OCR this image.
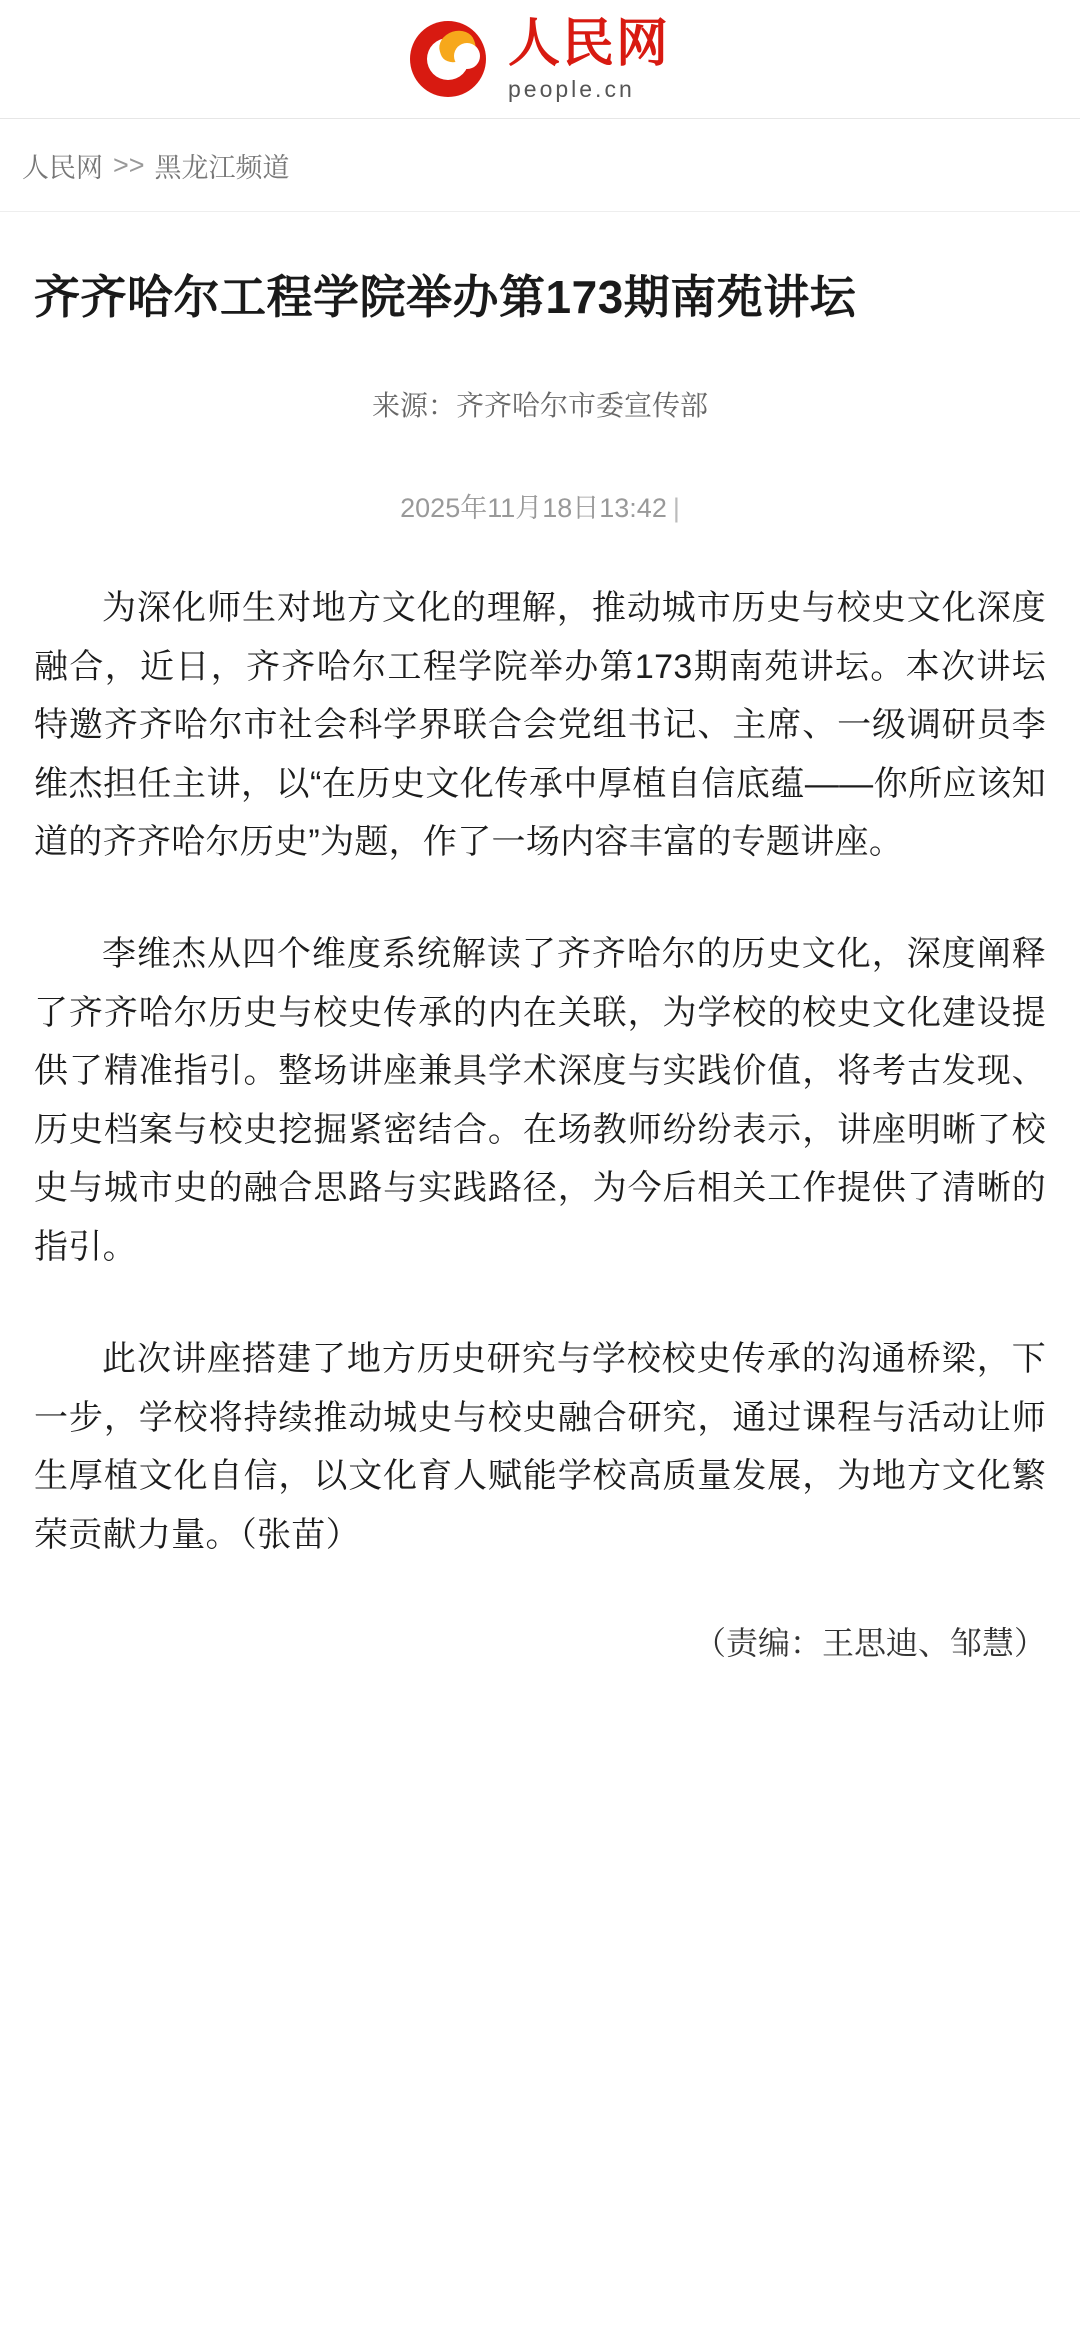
人民网
people.cn
人民网 >> 黑龙江频道
齐齐哈尔工程学院举办第173期南苑讲坛
来源：齐齐哈尔市委宣传部
2025年11月18日13:42 |

为深化师生对地方文化的理解，推动城市历史与校史文化深度融合，近日，齐齐哈尔工程学院举办第173期南苑讲坛。本次讲坛特邀齐齐哈尔市社会科学界联合会党组书记、主席、一级调研员李维杰担任主讲，以“在历史文化传承中厚植自信底蕴——你所应该知道的齐齐哈尔历史”为题，作了一场内容丰富的专题讲座。

李维杰从四个维度系统解读了齐齐哈尔的历史文化，深度阐释了齐齐哈尔历史与校史传承的内在关联，为学校的校史文化建设提供了精准指引。整场讲座兼具学术深度与实践价值，将考古发现、历史档案与校史挖掘紧密结合。在场教师纷纷表示，讲座明晰了校史与城市史的融合思路与实践路径，为今后相关工作提供了清晰的指引。

此次讲座搭建了地方历史研究与学校校史传承的沟通桥梁，下一步，学校将持续推动城史与校史融合研究，通过课程与活动让师生厚植文化自信，以文化育人赋能学校高质量发展，为地方文化繁荣贡献力量。（张苗）

（责编：王思迪、邹慧）
